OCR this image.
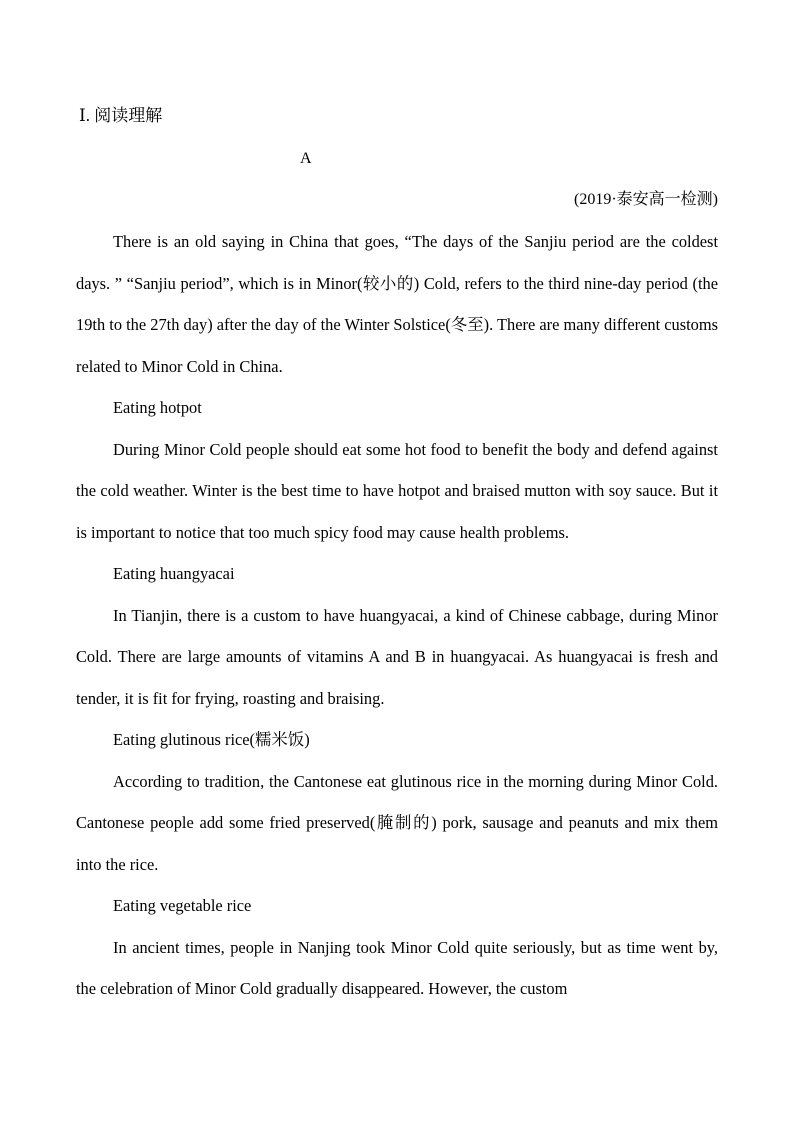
Ⅰ. 阅读理解
A
(2019·泰安高一检测)

There is an old saying in China that goes, “The days of the Sanjiu period are the coldest days. ” “Sanjiu period”, which is in Minor(较小的) Cold, refers to the third nine-day period (the 19th to the 27th day) after the day of the Winter Solstice(冬至). There are many different customs related to Minor Cold in China.

Eating hotpot

During Minor Cold people should eat some hot food to benefit the body and defend against the cold weather. Winter is the best time to have hotpot and braised mutton with soy sauce. But it is important to notice that too much spicy food may cause health problems.

Eating huangyacai

In Tianjin, there is a custom to have huangyacai, a kind of Chinese cabbage, during Minor Cold. There are large amounts of vitamins A and B in huangyacai. As huangyacai is fresh and tender, it is fit for frying, roasting and braising.

Eating glutinous rice(糯米饭)

According to tradition, the Cantonese eat glutinous rice in the morning during Minor Cold. Cantonese people add some fried preserved(腌制的) pork, sausage and peanuts and mix them into the rice.

Eating vegetable rice

In ancient times, people in Nanjing took Minor Cold quite seriously, but as time went by, the celebration of Minor Cold gradually disappeared. However, the custom
